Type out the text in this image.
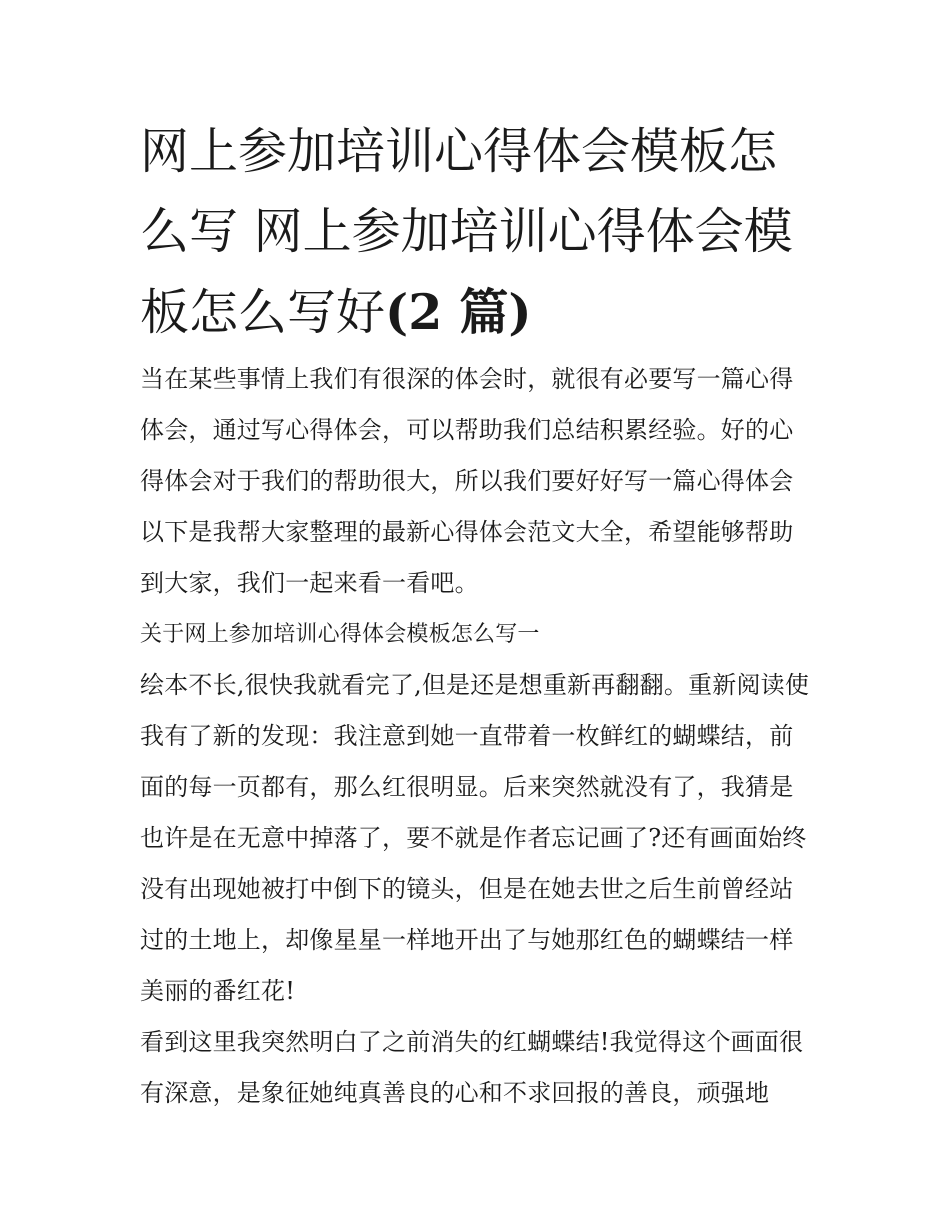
网上参加培训心得体会模板怎么写 网上参加培训心得体会模板怎么写好(2 篇)

当在某些事情上我们有很深的体会时，就很有必要写一篇心得体会，通过写心得体会，可以帮助我们总结积累经验。好的心得体会对于我们的帮助很大，所以我们要好好写一篇心得体会以下是我帮大家整理的最新心得体会范文大全，希望能够帮助到大家，我们一起来看一看吧。

关于网上参加培训心得体会模板怎么写一

绘本不长,很快我就看完了,但是还是想重新再翻翻。重新阅读使我有了新的发现：我注意到她一直带着一枚鲜红的蝴蝶结，前面的每一页都有，那么红很明显。后来突然就没有了，我猜是也许是在无意中掉落了，要不就是作者忘记画了?还有画面始终没有出现她被打中倒下的镜头，但是在她去世之后生前曾经站过的土地上，却像星星一样地开出了与她那红色的蝴蝶结一样美丽的番红花!

看到这里我突然明白了之前消失的红蝴蝶结!我觉得这个画面很有深意，是象征她纯真善良的心和不求回报的善良，顽强地
